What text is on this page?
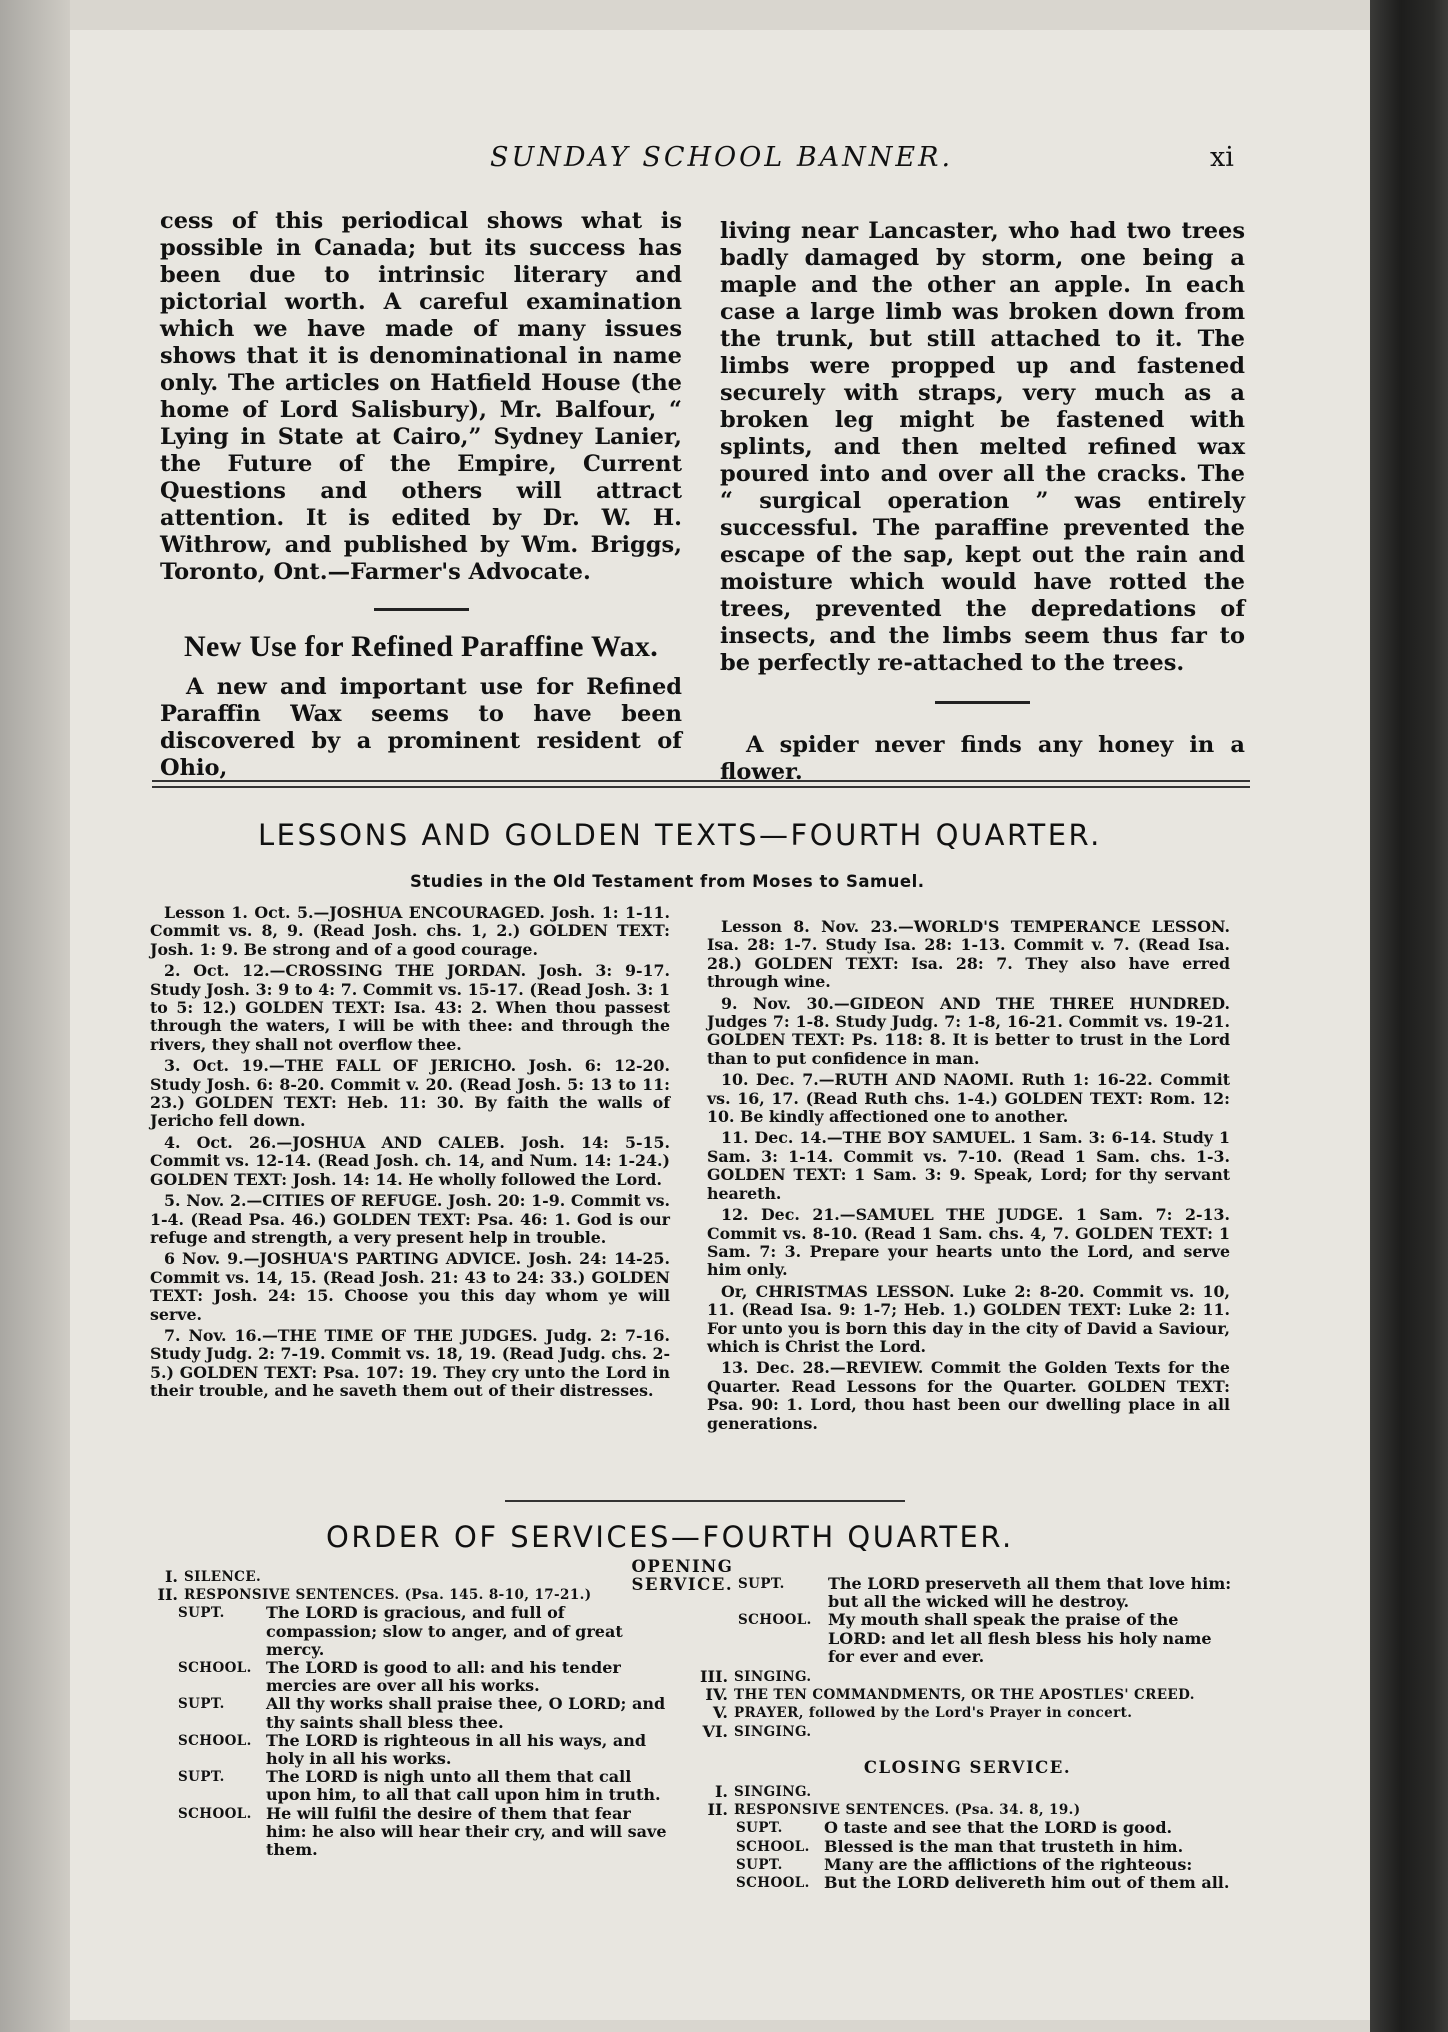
SUNDAY SCHOOL BANNER.	xi

cess of this periodical shows what is possible in Canada; but its success has been due to intrinsic literary and pictorial worth. A careful examination which we have made of many issues shows that it is denominational in name only. The articles on Hatfield House (the home of Lord Salisbury), Mr. Balfour, “ Lying in State at Cairo,” Sydney Lanier, the Future of the Empire, Current Questions and others will attract attention. It is edited by Dr. W. H. Withrow, and published by Wm. Briggs, Toronto, Ont.—Farmer's Advocate.

New Use for Refined Paraffine Wax.

A new and important use for Refined Paraffin Wax seems to have been discovered by a prominent resident of Ohio,

living near Lancaster, who had two trees badly damaged by storm, one being a maple and the other an apple. In each case a large limb was broken down from the trunk, but still attached to it. The limbs were propped up and fastened securely with straps, very much as a broken leg might be fastened with splints, and then melted refined wax poured into and over all the cracks. The “ surgical operation ” was entirely successful. The paraffine prevented the escape of the sap, kept out the rain and moisture which would have rotted the trees, prevented the depredations of insects, and the limbs seem thus far to be perfectly re-attached to the trees.

A spider never finds any honey in a flower.

LESSONS AND GOLDEN TEXTS—FOURTH QUARTER.
Studies in the Old Testament from Moses to Samuel.

Lesson 1. Oct. 5.—JOSHUA ENCOURAGED. Josh. 1: 1-11. Commit vs. 8, 9. (Read Josh. chs. 1, 2.) GOLDEN TEXT: Josh. 1: 9. Be strong and of a good courage.

2. Oct. 12.—CROSSING THE JORDAN. Josh. 3: 9-17. Study Josh. 3: 9 to 4: 7. Commit vs. 15-17. (Read Josh. 3: 1 to 5: 12.) GOLDEN TEXT: Isa. 43: 2. When thou passest through the waters, I will be with thee: and through the rivers, they shall not overflow thee.

3. Oct. 19.—THE FALL OF JERICHO. Josh. 6: 12-20. Study Josh. 6: 8-20. Commit v. 20. (Read Josh. 5: 13 to 11: 23.) GOLDEN TEXT: Heb. 11: 30. By faith the walls of Jericho fell down.

4. Oct. 26.—JOSHUA AND CALEB. Josh. 14: 5-15. Commit vs. 12-14. (Read Josh. ch. 14, and Num. 14: 1-24.) GOLDEN TEXT: Josh. 14: 14. He wholly followed the Lord.

5. Nov. 2.—CITIES OF REFUGE. Josh. 20: 1-9. Commit vs. 1-4. (Read Psa. 46.) GOLDEN TEXT: Psa. 46: 1. God is our refuge and strength, a very present help in trouble.

6 Nov. 9.—JOSHUA'S PARTING ADVICE. Josh. 24: 14-25. Commit vs. 14, 15. (Read Josh. 21: 43 to 24: 33.) GOLDEN TEXT: Josh. 24: 15. Choose you this day whom ye will serve.

7. Nov. 16.—THE TIME OF THE JUDGES. Judg. 2: 7-16. Study Judg. 2: 7-19. Commit vs. 18, 19. (Read Judg. chs. 2-5.) GOLDEN TEXT: Psa. 107: 19. They cry unto the Lord in their trouble, and he saveth them out of their distresses.

Lesson 8. Nov. 23.—WORLD'S TEMPERANCE LESSON. Isa. 28: 1-7. Study Isa. 28: 1-13. Commit v. 7. (Read Isa. 28.) GOLDEN TEXT: Isa. 28: 7. They also have erred through wine.

9. Nov. 30.—GIDEON AND THE THREE HUNDRED. Judges 7: 1-8. Study Judg. 7: 1-8, 16-21. Commit vs. 19-21. GOLDEN TEXT: Ps. 118: 8. It is better to trust in the Lord than to put confidence in man.

10. Dec. 7.—RUTH AND NAOMI. Ruth 1: 16-22. Commit vs. 16, 17. (Read Ruth chs. 1-4.) GOLDEN TEXT: Rom. 12: 10. Be kindly affectioned one to another.

11. Dec. 14.—THE BOY SAMUEL. 1 Sam. 3: 6-14. Study 1 Sam. 3: 1-14. Commit vs. 7-10. (Read 1 Sam. chs. 1-3. GOLDEN TEXT: 1 Sam. 3: 9. Speak, Lord; for thy servant heareth.

12. Dec. 21.—SAMUEL THE JUDGE. 1 Sam. 7: 2-13. Commit vs. 8-10. (Read 1 Sam. chs. 4, 7. GOLDEN TEXT: 1 Sam. 7: 3. Prepare your hearts unto the Lord, and serve him only.

Or, CHRISTMAS LESSON. Luke 2: 8-20. Commit vs. 10, 11. (Read Isa. 9: 1-7; Heb. 1.) GOLDEN TEXT: Luke 2: 11. For unto you is born this day in the city of David a Saviour, which is Christ the Lord.

13. Dec. 28.—REVIEW. Commit the Golden Texts for the Quarter. Read Lessons for the Quarter. GOLDEN TEXT: Psa. 90: 1. Lord, thou hast been our dwelling place in all generations.

ORDER OF SERVICES—FOURTH QUARTER.
I. SILENCE.
II. RESPONSIVE SENTENCES. (Psa. 145. 8-10, 17-21.)
OPENING SERVICE.
SUPT.	The LORD is gracious, and full of compassion; slow to anger, and of great mercy.
SCHOOL. The LORD is good to all: and his tender mercies are over all his works.
SUPT.	All thy works shall praise thee, O LORD; and thy saints shall bless thee.
SCHOOL. The LORD is righteous in all his ways, and holy in all his works.
SUPT.	The LORD is nigh unto all them that call upon him, to all that call upon him in truth.
SCHOOL. He will fulfil the desire of them that fear him: he also will hear their cry, and will save them.
SUPT.	The LORD preserveth all them that love him: but all the wicked will he destroy.
SCHOOL.	My mouth shall speak the praise of the LORD: and let all flesh bless his holy name for ever and ever.
III. SINGING.
IV. THE TEN COMMANDMENTS, OR THE APOSTLES' CREED.
V. PRAYER, followed by the Lord's Prayer in concert.
VI. SINGING.
CLOSING SERVICE.
I. SINGING.
II. RESPONSIVE SENTENCES. (Psa. 34. 8, 19.)
SUPT.	O taste and see that the LORD is good.
SCHOOL. Blessed is the man that trusteth in him.
SUPT.	Many are the afflictions of the righteous:
SCHOOL. But the LORD delivereth him out of them all.
